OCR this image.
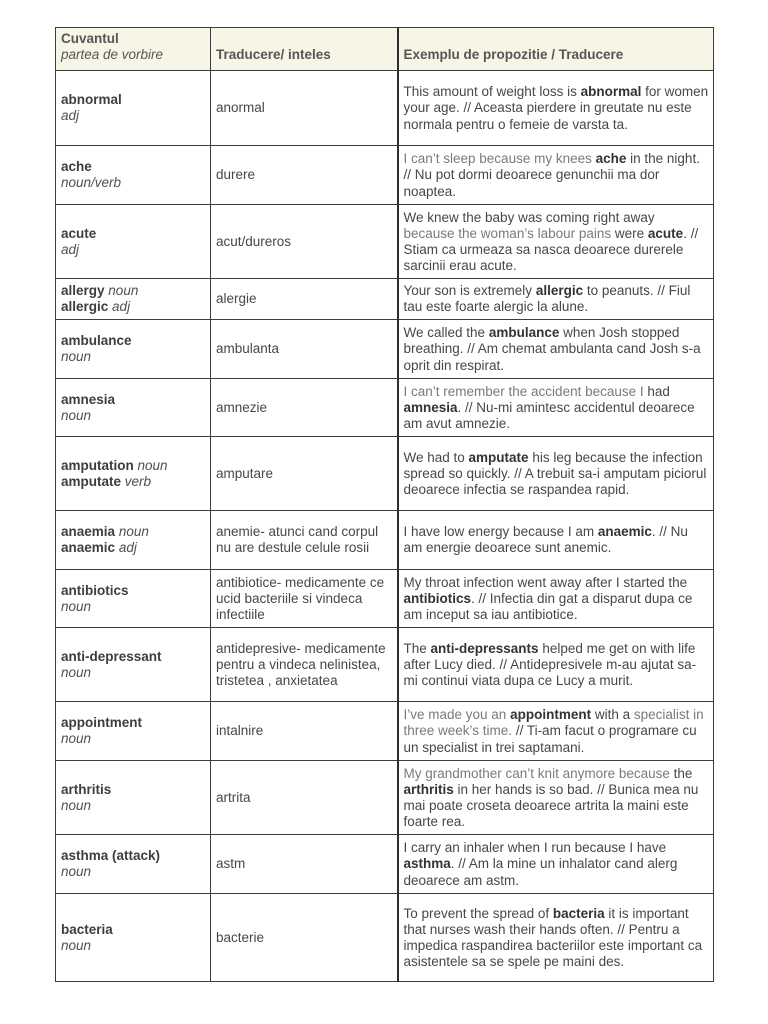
Cuvantul
partea de vorbire	Traducere/ inteles	Exemplu de propozitie / Traducere

abnormal
adj	anormal	This amount of weight loss is abnormal for women your age. // Aceasta pierdere in greutate nu este normala pentru o femeie de varsta ta.

ache
noun/verb	durere	I can’t sleep because my knees ache in the night. // Nu pot dormi deoarece genunchii ma dor noaptea.

acute
adj	acut/dureros	We knew the baby was coming right away because the woman’s labour pains were acute. // Stiam ca urmeaza sa nasca deoarece durerele sarcinii erau acute.

allergy noun
allergic adj	alergie	Your son is extremely allergic to peanuts. // Fiul tau este foarte alergic la alune.

ambulance
noun	ambulanta	We called the ambulance when Josh stopped breathing. // Am chemat ambulanta cand Josh s-a oprit din respirat.

amnesia
noun	amnezie	I can’t remember the accident because I had amnesia. // Nu-mi amintesc accidentul deoarece am avut amnezie.

amputation noun
amputate verb	amputare	We had to amputate his leg because the infection spread so quickly. // A trebuit sa-i amputam piciorul deoarece infectia se raspandea rapid.

anaemia noun
anaemic adj	anemie- atunci cand corpul nu are destule celule rosii	I have low energy because I am anaemic. // Nu am energie deoarece sunt anemic.

antibiotics
noun	antibiotice- medicamente ce ucid bacteriile si vindeca infectiile	My throat infection went away after I started the antibiotics. // Infectia din gat a disparut dupa ce am inceput sa iau antibiotice.

anti-depressant
noun	antidepresive- medicamente pentru a vindeca nelinistea, tristetea , anxietatea	The anti-depressants helped me get on with life after Lucy died. // Antidepresivele m-au ajutat sa-mi continui viata dupa ce Lucy a murit.

appointment
noun	intalnire	I’ve made you an appointment with a specialist in three week’s time. // Ti-am facut o programare cu un specialist in trei saptamani.

arthritis
noun	artrita	My grandmother can’t knit anymore because the arthritis in her hands is so bad. // Bunica mea nu mai poate croseta deoarece artrita la maini este foarte rea.

asthma (attack)
noun	astm	I carry an inhaler when I run because I have asthma. // Am la mine un inhalator cand alerg deoarece am astm.

bacteria
noun	bacterie	To prevent the spread of bacteria it is important that nurses wash their hands often. // Pentru a impedica raspandirea bacteriilor este important ca asistentele sa se spele pe maini des.
